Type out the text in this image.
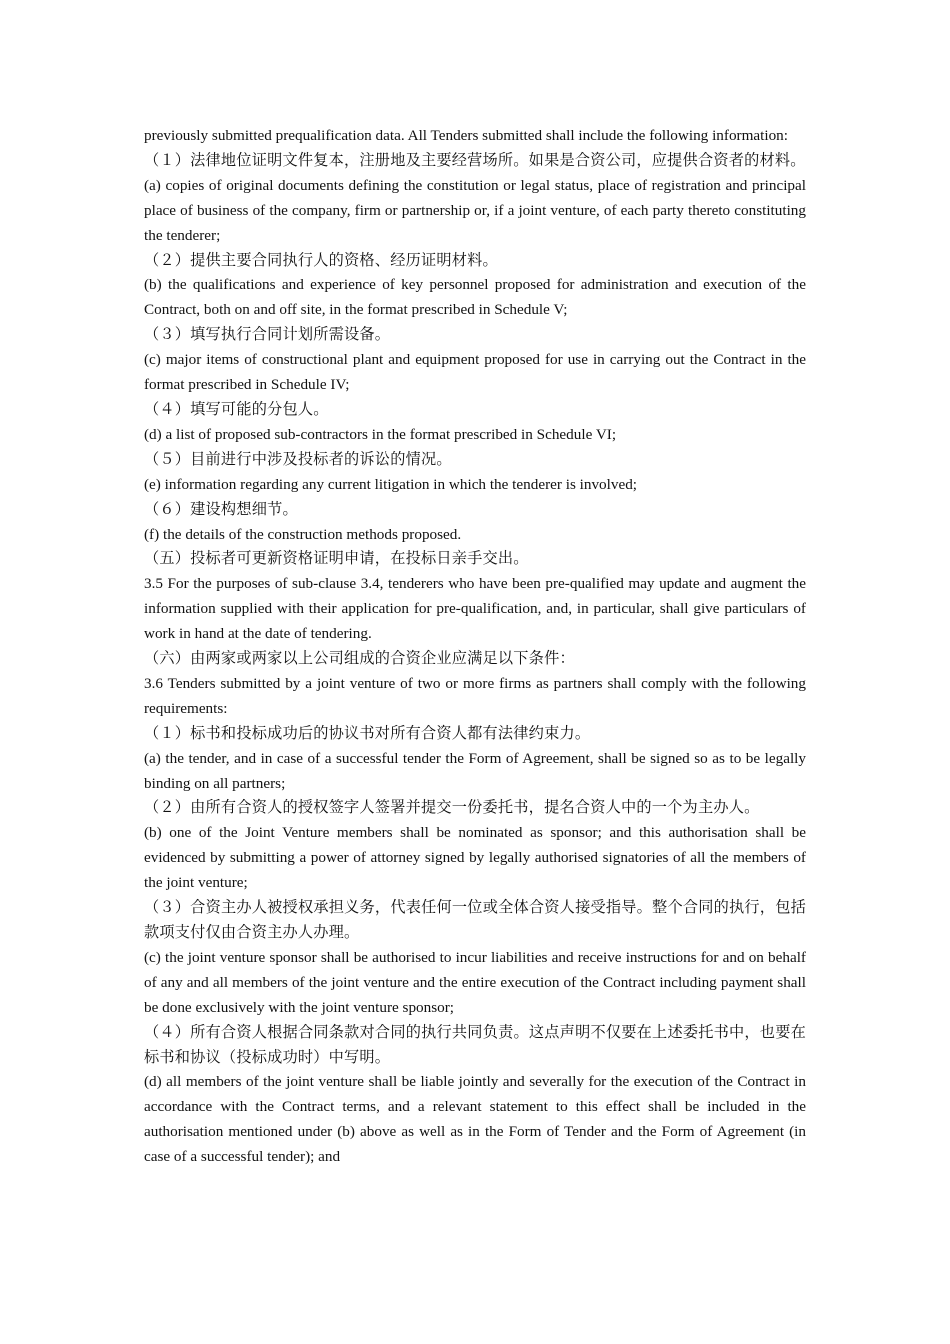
previously submitted prequalification data. All Tenders submitted shall include the following information:

（１）法律地位证明文件复本，注册地及主要经营场所。如果是合资公司，应提供合资者的材料。

(a) copies of original documents defining the constitution or legal status, place of registration and principal place of business of the company, firm or partnership or, if a joint venture, of each party thereto constituting the tenderer;

（２）提供主要合同执行人的资格、经历证明材料。

(b) the qualifications and experience of key personnel proposed for administration and execution of the Contract, both on and off site, in the format prescribed in Schedule V;

（３）填写执行合同计划所需设备。

(c) major items of constructional plant and equipment proposed for use in carrying out the Contract in the format prescribed in Schedule IV;

（４）填写可能的分包人。

(d) a list of proposed sub-contractors in the format prescribed in Schedule VI;

（５）目前进行中涉及投标者的诉讼的情况。

(e) information regarding any current litigation in which the tenderer is involved;

（６）建设构想细节。

(f) the details of the construction methods proposed.

（五）投标者可更新资格证明申请，在投标日亲手交出。

3.5 For the purposes of sub-clause 3.4, tenderers who have been pre-qualified may update and augment the information supplied with their application for pre-qualification, and, in particular, shall give particulars of work in hand at the date of tendering.

（六）由两家或两家以上公司组成的合资企业应满足以下条件：

3.6 Tenders submitted by a joint venture of two or more firms as partners shall comply with the following requirements:

（１）标书和投标成功后的协议书对所有合资人都有法律约束力。

(a) the tender, and in case of a successful tender the Form of Agreement, shall be signed so as to be legally binding on all partners;

（２）由所有合资人的授权签字人签署并提交一份委托书，提名合资人中的一个为主办人。

(b) one of the Joint Venture members shall be nominated as sponsor; and this authorisation shall be evidenced by submitting a power of attorney signed by legally authorised signatories of all the members of the joint venture;

（３）合资主办人被授权承担义务，代表任何一位或全体合资人接受指导。整个合同的执行，包括款项支付仅由合资主办人办理。

(c) the joint venture sponsor shall be authorised to incur liabilities and receive instructions for and on behalf of any and all members of the joint venture and the entire execution of the Contract including payment shall be done exclusively with the joint venture sponsor;

（４）所有合资人根据合同条款对合同的执行共同负责。这点声明不仅要在上述委托书中，也要在标书和协议（投标成功时）中写明。

(d) all members of the joint venture shall be liable jointly and severally for the execution of the Contract in accordance with the Contract terms, and a relevant statement to this effect shall be included in the authorisation mentioned under (b) above as well as in the Form of Tender and the Form of Agreement (in case of a successful tender); and
